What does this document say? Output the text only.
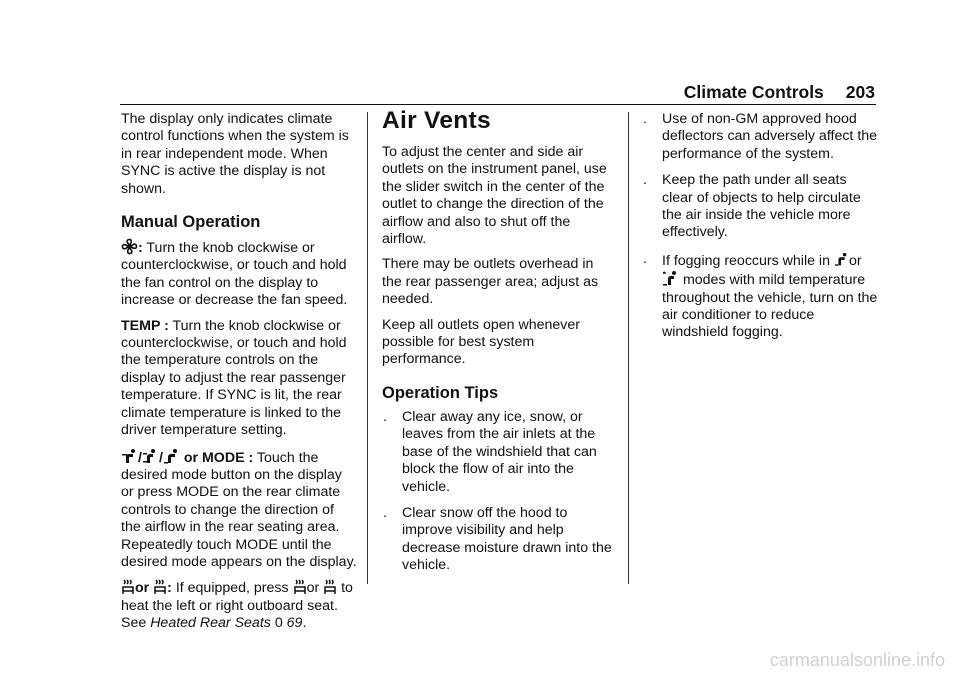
Climate Controls 203

The display only indicates climate control functions when the system is in rear independent mode. When SYNC is active the display is not shown.

Manual Operation

: Turn the knob clockwise or counterclockwise, or touch and hold the fan control on the display to increase or decrease the fan speed.

TEMP : Turn the knob clockwise or counterclockwise, or touch and hold the temperature controls on the display to adjust the rear passenger temperature. If SYNC is lit, the rear climate temperature is linked to the driver temperature setting.

/ / or MODE : Touch the desired mode button on the display or press MODE on the rear climate controls to change the direction of the airflow in the rear seating area. Repeatedly touch MODE until the desired mode appears on the display.

or : If equipped, press or to heat the left or right outboard seat. See Heated Rear Seats 0 69.

Air Vents

To adjust the center and side air outlets on the instrument panel, use the slider switch in the center of the outlet to change the direction of the airflow and also to shut off the airflow.

There may be outlets overhead in the rear passenger area; adjust as needed.

Keep all outlets open whenever possible for best system performance.

Operation Tips
. Clear away any ice, snow, or leaves from the air inlets at the base of the windshield that can block the flow of air into the vehicle.
. Clear snow off the hood to improve visibility and help decrease moisture drawn into the vehicle.
. Use of non-GM approved hood deflectors can adversely affect the performance of the system.
. Keep the path under all seats clear of objects to help circulate the air inside the vehicle more effectively.
. If fogging reoccurs while in or  modes with mild temperature throughout the vehicle, turn on the air conditioner to reduce windshield fogging.
carmanualsonline.info
